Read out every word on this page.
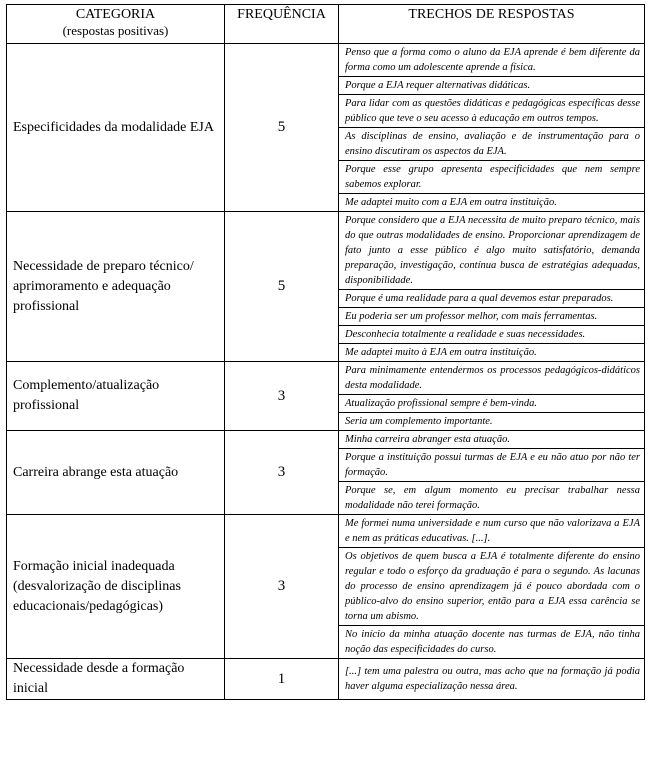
CATEGORIA
(respostas positivas)	FREQUÊNCIA	TRECHOS DE RESPOSTAS
Especificidades da modalidade EJA	5	Penso que a forma como o aluno da EJA aprende é bem diferente da forma como um adolescente aprende a física.
		Porque a EJA requer alternativas didáticas.
		Para lidar com as questões didáticas e pedagógicas específicas desse público que teve o seu acesso à educação em outros tempos.
		As disciplinas de ensino, avaliação e de instrumentação para o ensino discutiram os aspectos da EJA.
		Porque esse grupo apresenta especificidades que nem sempre sabemos explorar.
		Me adaptei muito com a EJA em outra instituição.
Necessidade de preparo técnico/ aprimoramento e adequação profissional	5	Porque considero que a EJA necessita de muito preparo técnico, mais do que outras modalidades de ensino. Proporcionar aprendizagem de fato junto a esse público é algo muito satisfatório, demanda preparação, investigação, contínua busca de estratégias adequadas, disponibilidade.
		Porque é uma realidade para a qual devemos estar preparados.
		Eu poderia ser um professor melhor, com mais ferramentas.
		Desconhecia totalmente a realidade e suas necessidades.
		Me adaptei muito à EJA em outra instituição.
Complemento/atualização profissional	3	Para minimamente entendermos os processos pedagógicos-didáticos desta modalidade.
		Atualização profissional sempre é bem-vinda.
		Seria um complemento importante.
Carreira abrange esta atuação	3	Minha carreira abranger esta atuação.
		Porque a instituição possui turmas de EJA e eu não atuo por não ter formação.
		Porque se, em algum momento eu precisar trabalhar nessa modalidade não terei formação.
Formação inicial inadequada (desvalorização de disciplinas educacionais/pedagógicas)	3	Me formei numa universidade e num curso que não valorizava a EJA e nem as práticas educativas. [...].
		Os objetivos de quem busca a EJA é totalmente diferente do ensino regular e todo o esforço da graduação é para o segundo. As lacunas do processo de ensino aprendizagem já é pouco abordada com o público-alvo do ensino superior, então para a EJA essa carência se torna um abismo.
		No início da minha atuação docente nas turmas de EJA, não tinha noção das especificidades do curso.
Necessidade desde a formação inicial	1	[...] tem uma palestra ou outra, mas acho que na formação já podia haver alguma especialização nessa área.
